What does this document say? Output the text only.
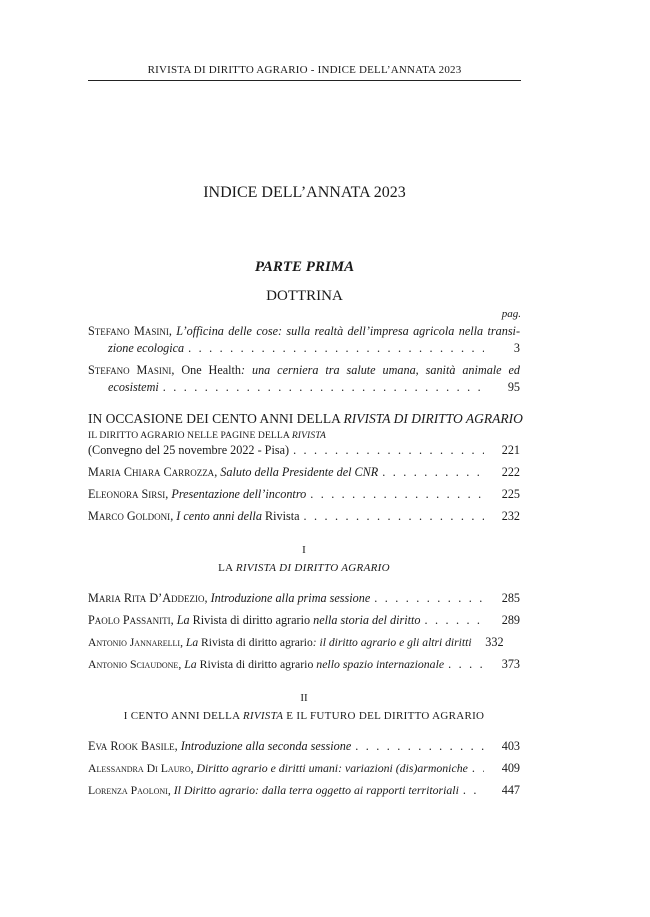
RIVISTA DI DIRITTO AGRARIO - INDICE DELL’ANNATA 2023
INDICE DELL’ANNATA 2023
PARTE PRIMA
DOTTRINA
pag.
Stefano Masini, L’officina delle cose: sulla realtà dell’impresa agricola nella transi-
zione ecologica . . .	3
Stefano Masini, One Health: una cerniera tra salute umana, sanità animale ed
ecosistemi . . .	95
IN OCCASIONE DEI CENTO ANNI DELLA RIVISTA DI DIRITTO AGRARIO
IL DIRITTO AGRARIO NELLE PAGINE DELLA RIVISTA
(Convegno del 25 novembre 2022 - Pisa) . . .	221
Maria Chiara Carrozza, Saluto della Presidente del CNR . . .	222
Eleonora Sirsi, Presentazione dell’incontro . . .	225
Marco Goldoni, I cento anni della Rivista . . .	232
I
LA RIVISTA DI DIRITTO AGRARIO
Maria Rita D’Addezio, Introduzione alla prima sessione . . .	285
Paolo Passaniti, La Rivista di diritto agrario nella storia del diritto . . .	289
Antonio Jannarelli, La Rivista di diritto agrario: il diritto agrario e gli altri diritti	332
Antonio Sciaudone, La Rivista di diritto agrario nello spazio internazionale . . .	373
II
I CENTO ANNI DELLA RIVISTA E IL FUTURO DEL DIRITTO AGRARIO
Eva Rook Basile, Introduzione alla seconda sessione . . .	403
Alessandra Di Lauro, Diritto agrario e diritti umani: variazioni (dis)armoniche . . .	409
Lorenza Paoloni, Il Diritto agrario: dalla terra oggetto ai rapporti territoriali . . .	447
